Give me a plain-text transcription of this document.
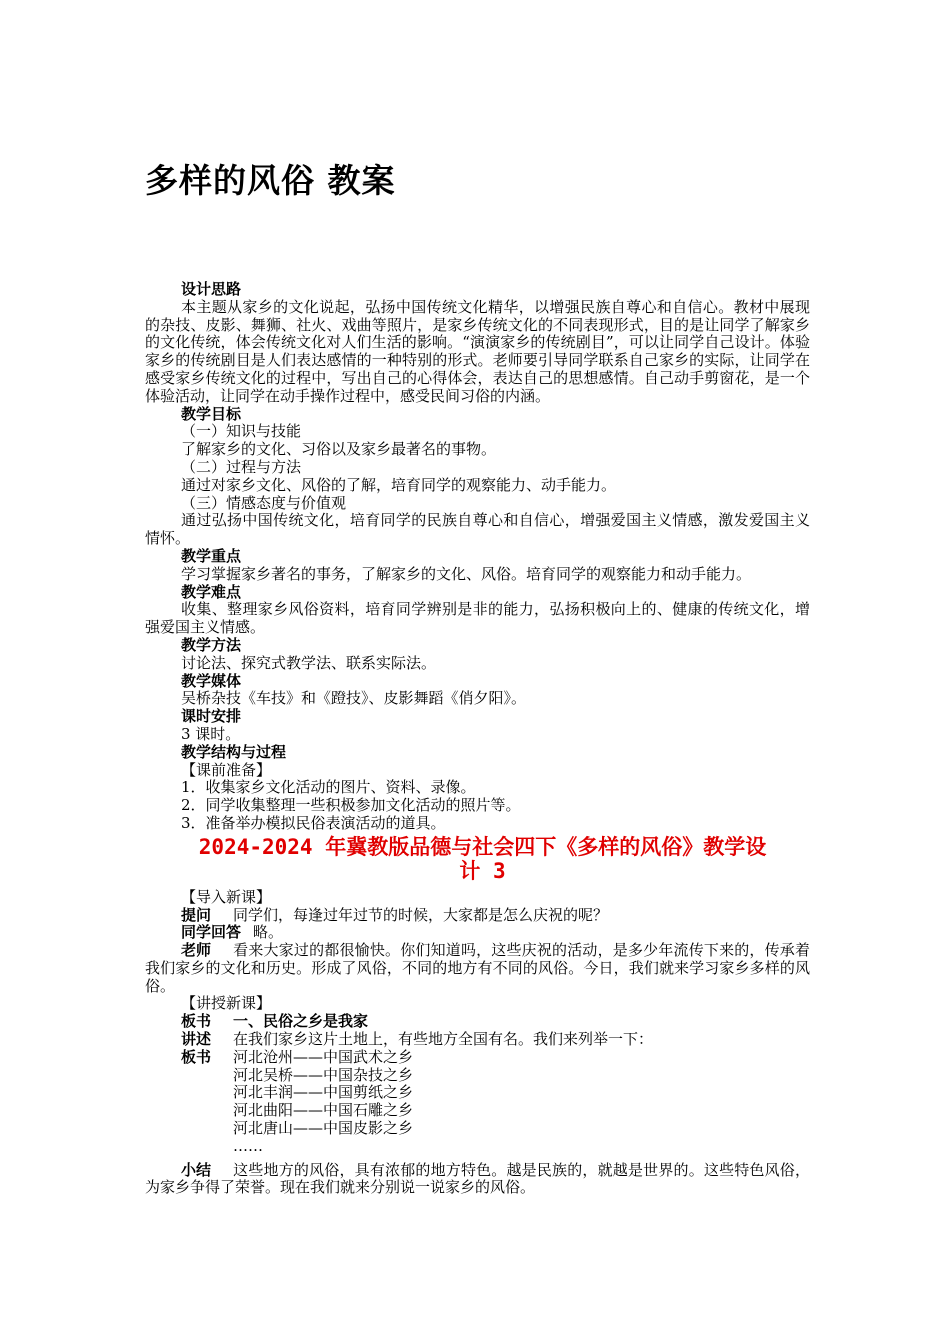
多样的风俗 教案

设计思路

本主题从家乡的文化说起，弘扬中国传统文化精华，以增强民族自尊心和自信心。教材中展现的杂技、皮影、舞狮、社火、戏曲等照片，是家乡传统文化的不同表现形式，目的是让同学了解家乡的文化传统，体会传统文化对人们生活的影响。“演演家乡的传统剧目”，可以让同学自己设计。体验家乡的传统剧目是人们表达感情的一种特别的形式。老师要引导同学联系自己家乡的实际，让同学在感受家乡传统文化的过程中，写出自己的心得体会，表达自己的思想感情。自己动手剪窗花，是一个体验活动，让同学在动手操作过程中，感受民间习俗的内涵。

教学目标

（一）知识与技能

了解家乡的文化、习俗以及家乡最著名的事物。

（二）过程与方法

通过对家乡文化、风俗的了解，培育同学的观察能力、动手能力。

（三）情感态度与价值观

通过弘扬中国传统文化，培育同学的民族自尊心和自信心，增强爱国主义情感，激发爱国主义情怀。

教学重点

学习掌握家乡著名的事务，了解家乡的文化、风俗。培育同学的观察能力和动手能力。

教学难点

收集、整理家乡风俗资料，培育同学辨别是非的能力，弘扬积极向上的、健康的传统文化，增强爱国主义情感。

教学方法

讨论法、探究式教学法、联系实际法。

教学媒体

吴桥杂技《车技》和《蹬技》、皮影舞蹈《俏夕阳》。

课时安排

3 课时。

教学结构与过程

【课前准备】

1．收集家乡文化活动的图片、资料、录像。

2．同学收集整理一些积极参加文化活动的照片等。

3．准备举办模拟民俗表演活动的道具。

2024-2024 年冀教版品德与社会四下《多样的风俗》教学设
计 3

【导入新课】

提问	同学们，每逢过年过节的时候，大家都是怎么庆祝的呢？
同学回答 略。

老师 看来大家过的都很愉快。你们知道吗，这些庆祝的活动，是多少年流传下来的，传承着我们家乡的文化和历史。形成了风俗，不同的地方有不同的风俗。今日，我们就来学习家乡多样的风俗。

【讲授新课】

板书	一、民俗之乡是我家
讲述	在我们家乡这片土地上，有些地方全国有名。我们来列举一下：
板书	河北沧州——中国武术之乡

河北吴桥——中国杂技之乡

河北丰润——中国剪纸之乡

河北曲阳——中国石雕之乡

河北唐山——中国皮影之乡

……

小结 这些地方的风俗，具有浓郁的地方特色。越是民族的，就越是世界的。这些特色风俗，为家乡争得了荣誉。现在我们就来分别说一说家乡的风俗。
